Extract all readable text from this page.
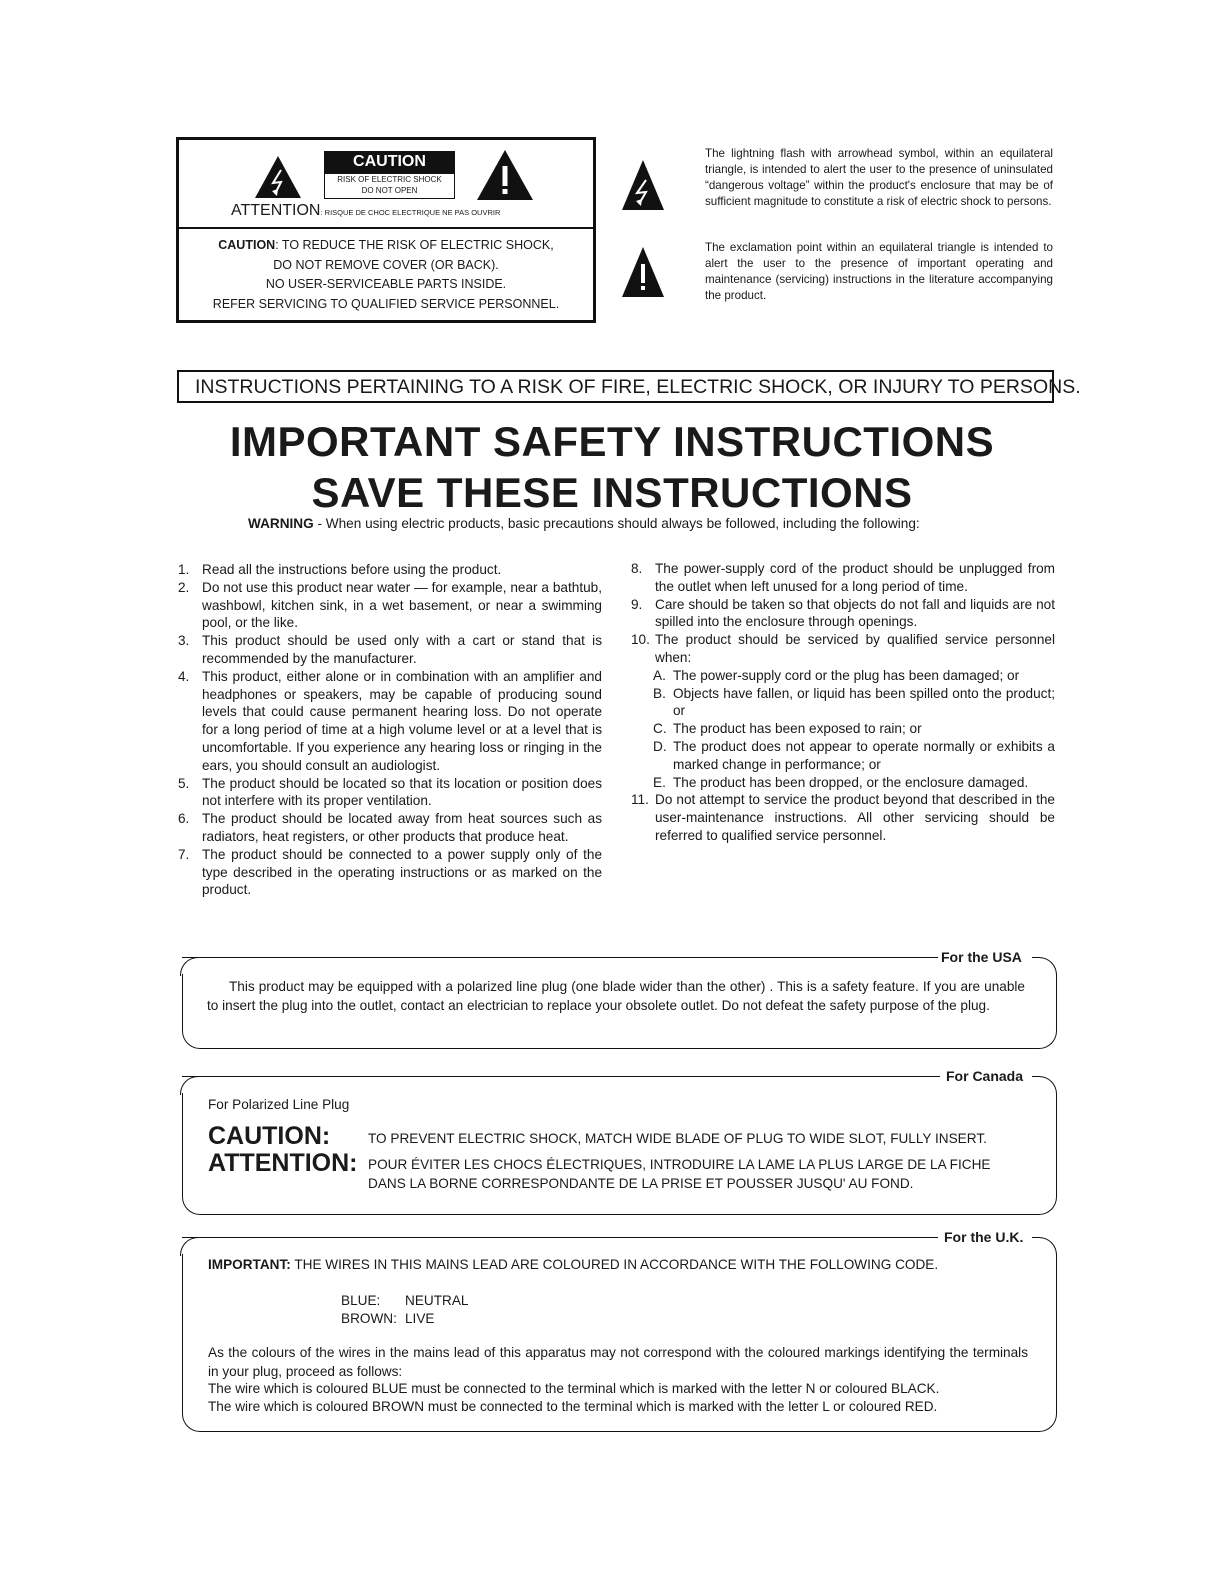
CAUTION
RISK OF ELECTRIC SHOCK
DO NOT OPEN
ATTENTION: RISQUE DE CHOC ELECTRIQUE NE PAS OUVRIR
CAUTION: TO REDUCE THE RISK OF ELECTRIC SHOCK,
DO NOT REMOVE COVER (OR BACK).
NO USER-SERVICEABLE PARTS INSIDE.
REFER SERVICING TO QUALIFIED SERVICE PERSONNEL.
The lightning flash with arrowhead symbol, within an equilateral triangle, is intended to alert the user to the presence of uninsulated “dangerous voltage” within the product's enclosure that may be of sufficient magnitude to constitute a risk of electric shock to persons.
The exclamation point within an equilateral triangle is intended to alert the user to the presence of important operating and maintenance (servicing) instructions in the literature accompanying the product.
INSTRUCTIONS PERTAINING TO A RISK OF FIRE, ELECTRIC SHOCK, OR INJURY TO PERSONS.
IMPORTANT SAFETY INSTRUCTIONS
SAVE THESE INSTRUCTIONS
WARNING - When using electric products, basic precautions should always be followed, including the following:
1. Read all the instructions before using the product.
2. Do not use this product near water — for example, near a bathtub, washbowl, kitchen sink, in a wet basement, or near a swimming pool, or the like.
3. This product should be used only with a cart or stand that is recommended by the manufacturer.
4. This product, either alone or in combination with an amplifier and headphones or speakers, may be capable of producing sound levels that could cause permanent hearing loss. Do not operate for a long period of time at a high volume level or at a level that is uncomfortable. If you experience any hearing loss or ringing in the ears, you should consult an audiologist.
5. The product should be located so that its location or position does not interfere with its proper ventilation.
6. The product should be located away from heat sources such as radiators, heat registers, or other products that produce heat.
7. The product should be connected to a power supply only of the type described in the operating instructions or as marked on the product.
8. The power-supply cord of the product should be unplugged from the outlet when left unused for a long period of time.
9. Care should be taken so that objects do not fall and liquids are not spilled into the enclosure through openings.
10. The product should be serviced by qualified service personnel when:
A. The power-supply cord or the plug has been damaged; or
B. Objects have fallen, or liquid has been spilled onto the product; or
C. The product has been exposed to rain; or
D. The product does not appear to operate normally or exhibits a marked change in performance; or
E. The product has been dropped, or the enclosure damaged.
11. Do not attempt to service the product beyond that described in the user-maintenance instructions. All other servicing should be referred to qualified service personnel.
For the USA
This product may be equipped with a polarized line plug (one blade wider than the other) . This is a safety feature. If you are unable to insert the plug into the outlet, contact an electrician to replace your obsolete outlet. Do not defeat the safety purpose of the plug.
For Canada
For Polarized Line Plug
CAUTION:	TO PREVENT ELECTRIC SHOCK, MATCH WIDE BLADE OF PLUG TO WIDE SLOT, FULLY INSERT.
ATTENTION: POUR ÉVITER LES CHOCS ÉLECTRIQUES, INTRODUIRE LA LAME LA PLUS LARGE DE LA FICHE
DANS LA BORNE CORRESPONDANTE DE LA PRISE ET POUSSER JUSQU' AU FOND.
For the U.K.
IMPORTANT: THE WIRES IN THIS MAINS LEAD ARE COLOURED IN ACCORDANCE WITH THE FOLLOWING CODE.
BLUE: NEUTRAL
BROWN: LIVE
As the colours of the wires in the mains lead of this apparatus may not correspond with the coloured markings identifying the terminals in your plug, proceed as follows:
The wire which is coloured BLUE must be connected to the terminal which is marked with the letter N or coloured BLACK.
The wire which is coloured BROWN must be connected to the terminal which is marked with the letter L or coloured RED.
